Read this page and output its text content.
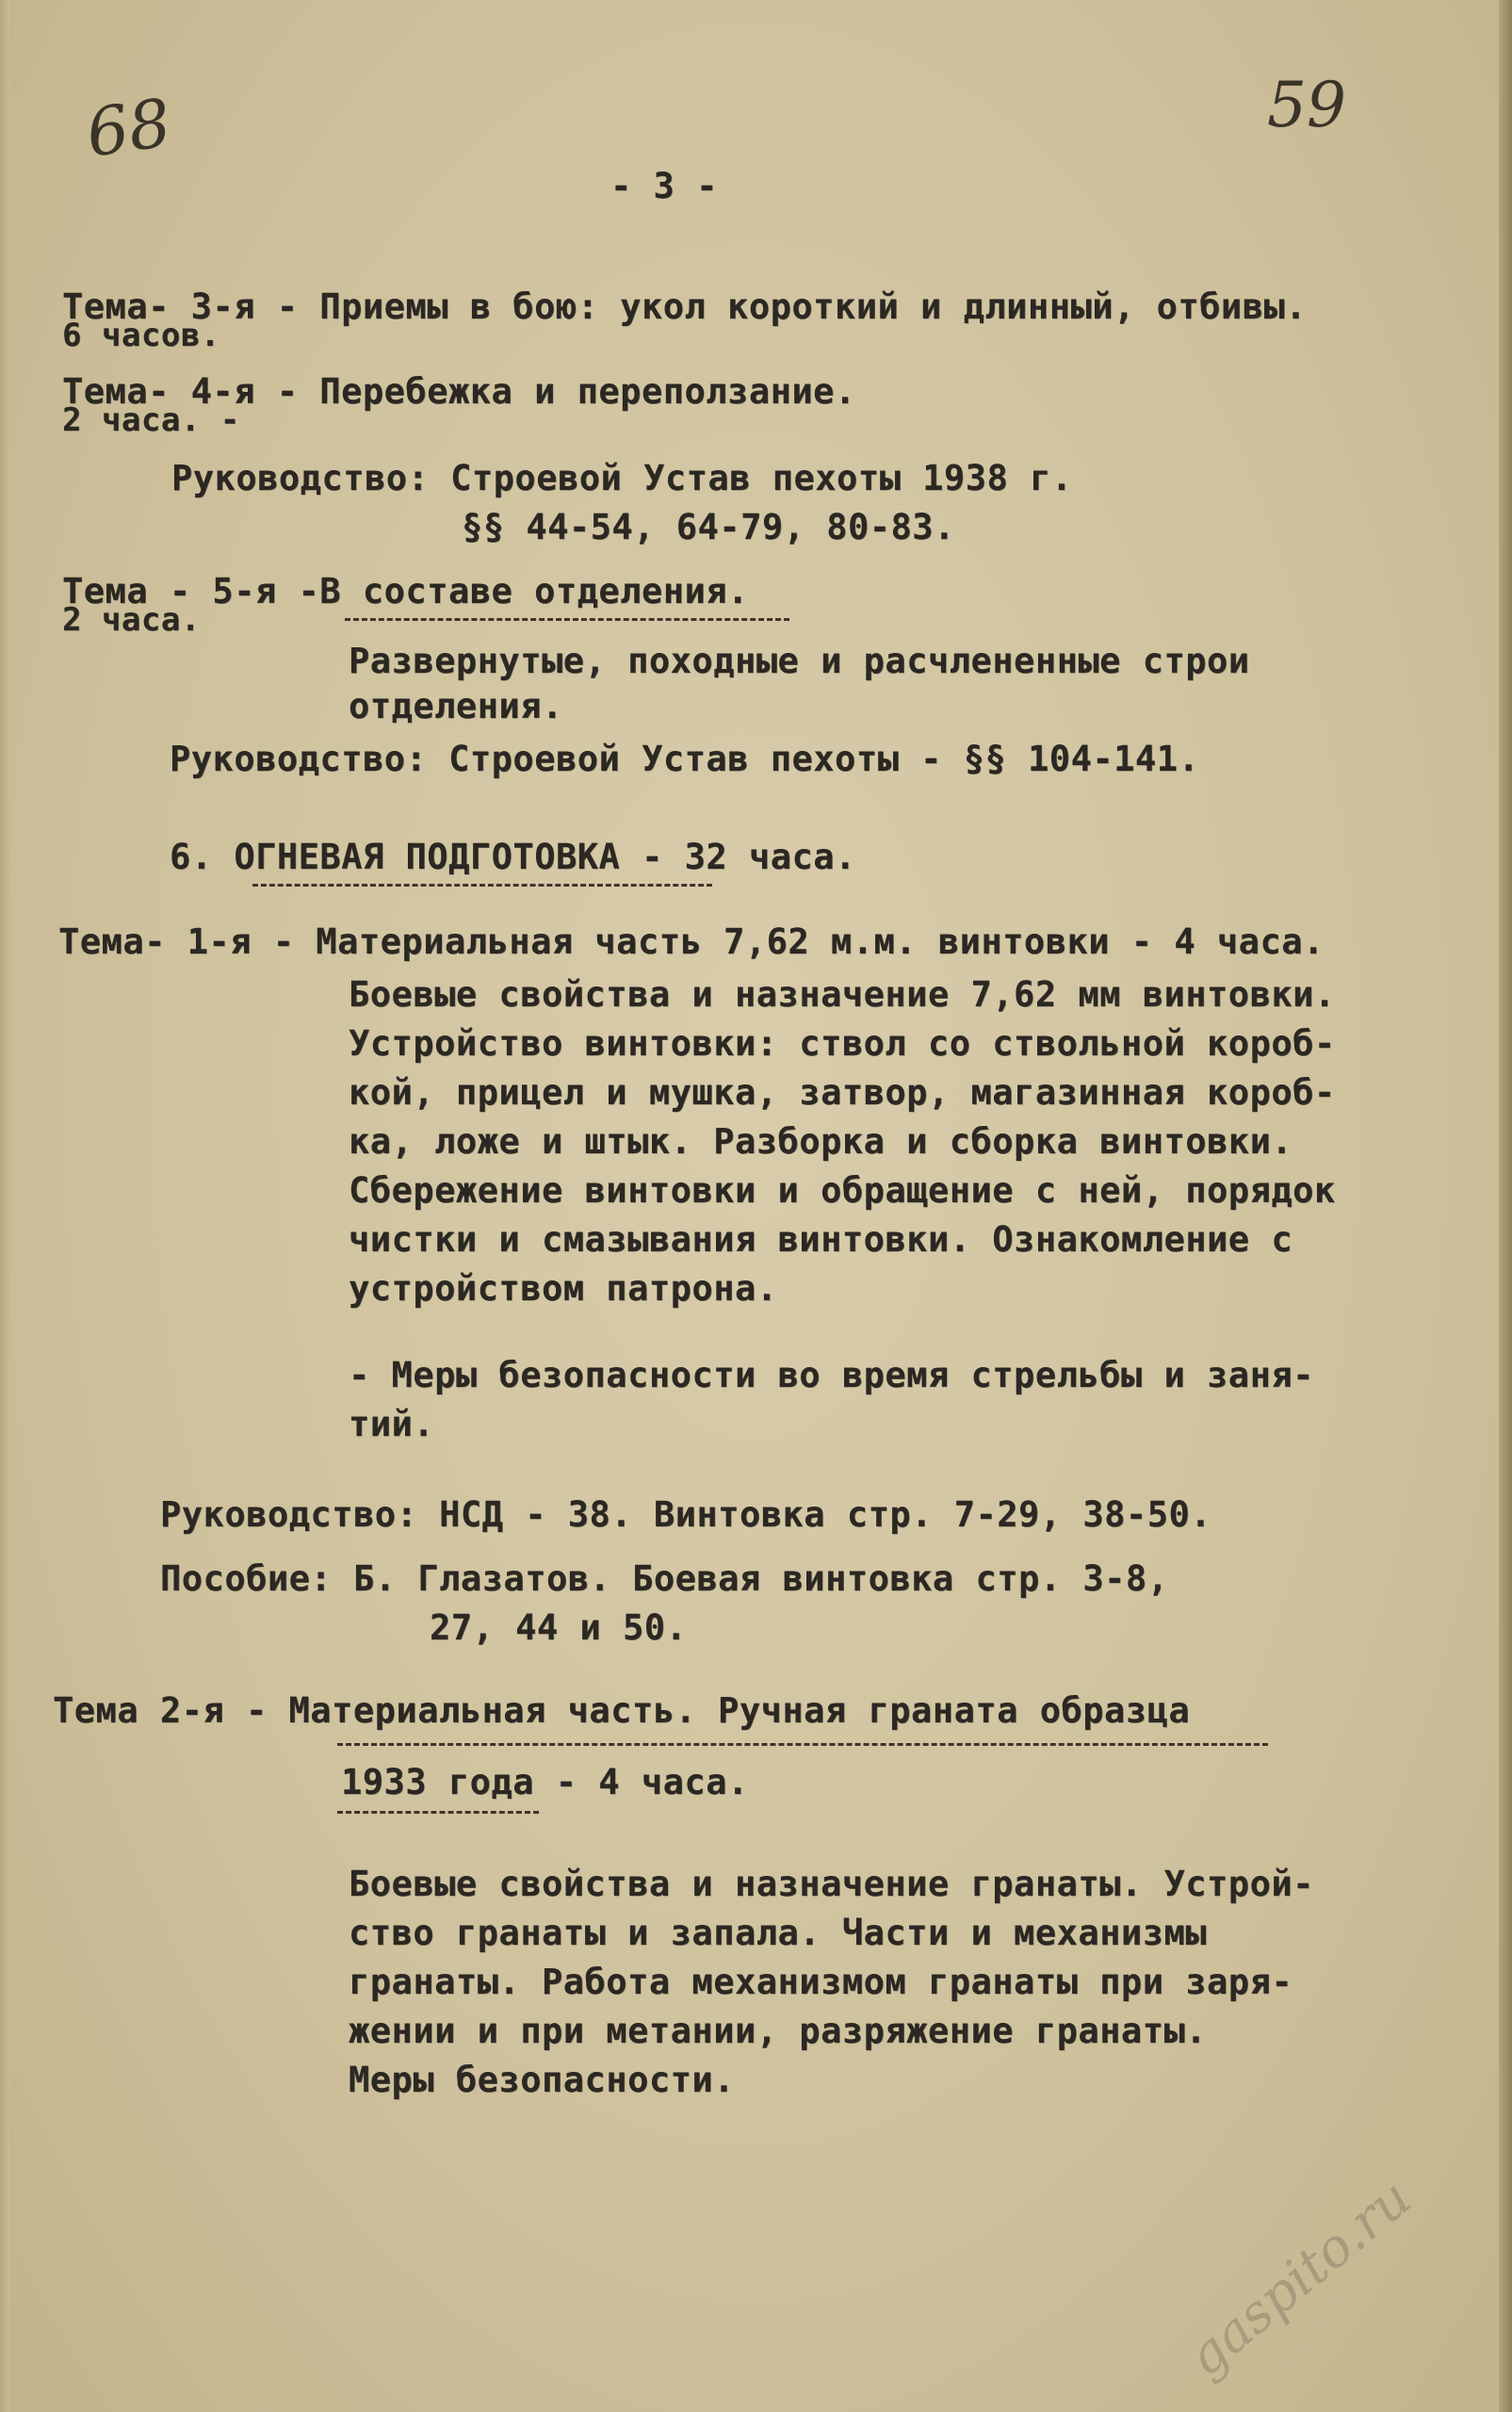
68	59
- 3 -
Тема- 3-я - Приемы в бою: укол короткий и длинный, отбивы.
6 часов.
Тема- 4-я - Перебежка и переползание.
2 часа. -
Руководство: Строевой Устав пехоты 1938 г.
§§ 44-54, 64-79, 80-83.
Тема - 5-я -В составе отделения.
2 часа.
Развернутые, походные и расчлененные строи
отделения.
Руководство: Строевой Устав пехоты - §§ 104-141.
6. ОГНЕВАЯ ПОДГОТОВКА - 32 часа.
Тема- 1-я - Материальная часть 7,62 м.м. винтовки - 4 часа.
Боевые свойства и назначение 7,62 мм винтовки.
Устройство винтовки: ствол со ствольной короб-
кой, прицел и мушка, затвор, магазинная короб-
ка, ложе и штык. Разборка и сборка винтовки.
Сбережение винтовки и обращение с ней, порядок
чистки и смазывания винтовки. Ознакомление с
устройством патрона.
- Меры безопасности во время стрельбы и заня-
тий.
Руководство: НСД - 38. Винтовка стр. 7-29, 38-50.
Пособие: Б. Глазатов. Боевая винтовка стр. 3-8,
27, 44 и 50.
Тема 2-я - Материальная часть. Ручная граната образца
1933 года - 4 часа.
Боевые свойства и назначение гранаты. Устрой-
ство гранаты и запала. Части и механизмы
гранаты. Работа механизмом гранаты при заря-
жении и при метании, разряжение гранаты.
Меры безопасности.
gaspito.ru
